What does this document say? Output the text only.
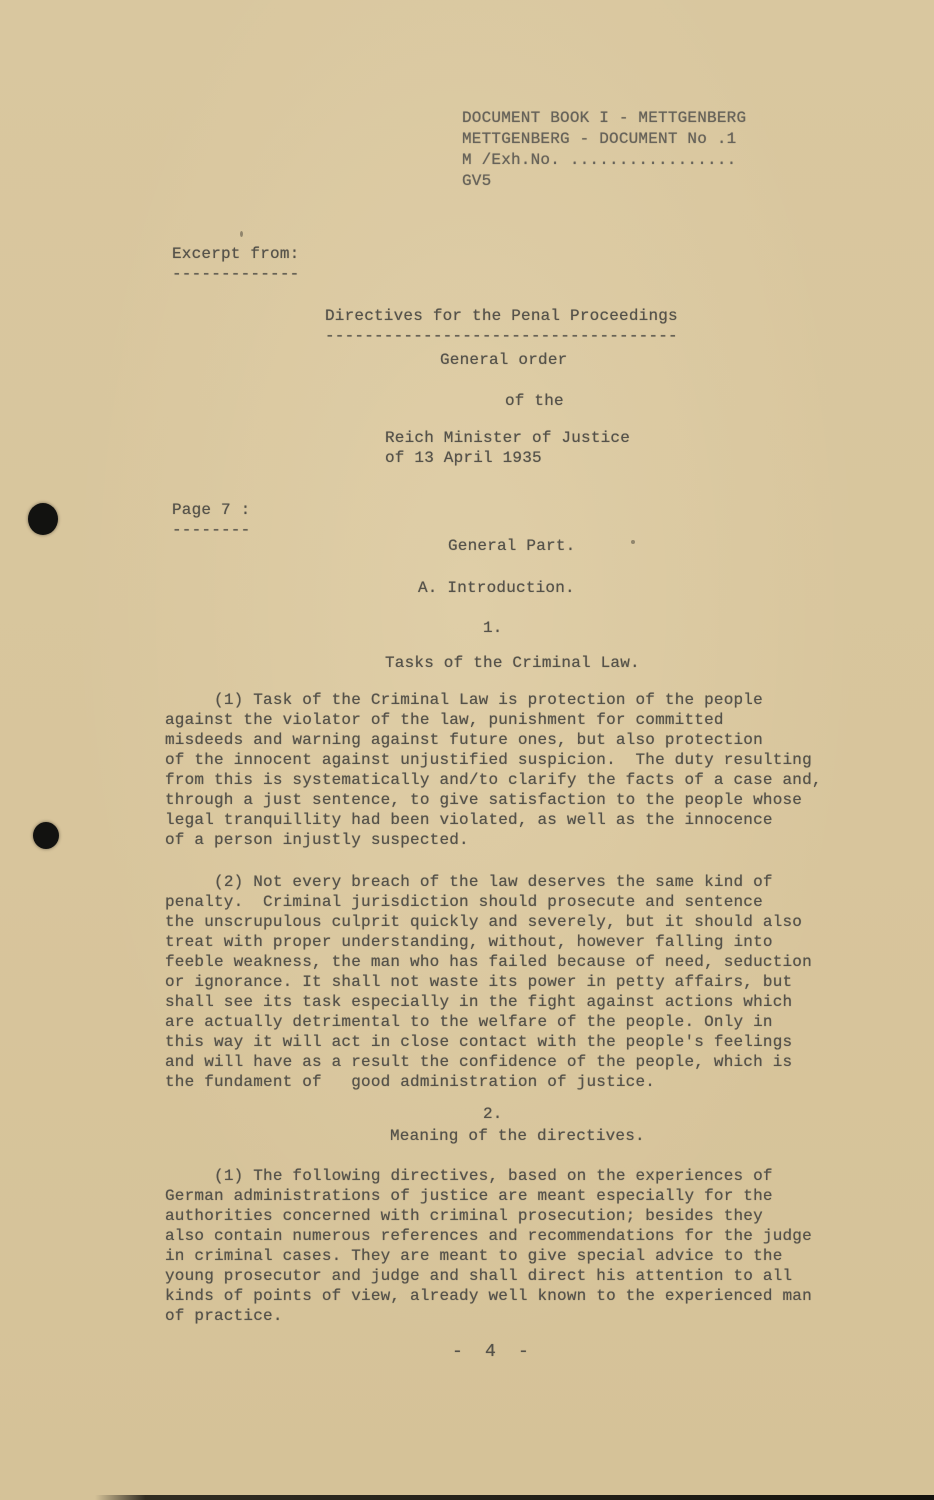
DOCUMENT BOOK I - METTGENBERG
METTGENBERG - DOCUMENT No .1
M /Exh.No. .................
GV5
Excerpt from:
-------------
Directives for the Penal Proceedings
------------------------------------
General order
of the
Reich Minister of Justice
of 13 April 1935
Page 7 :
--------
General Part.
A. Introduction.
1.
Tasks of the Criminal Law.
(1) Task of the Criminal Law is protection of the people
against the violator of the law, punishment for committed
misdeeds and warning against future ones, but also protection
of the innocent against unjustified suspicion.  The duty resulting
from this is systematically and/to clarify the facts of a case and,
through a just sentence, to give satisfaction to the people whose
legal tranquillity had been violated, as well as the innocence
of a person injustly suspected.
(2) Not every breach of the law deserves the same kind of
penalty.  Criminal jurisdiction should prosecute and sentence
the unscrupulous culprit quickly and severely, but it should also
treat with proper understanding, without, however falling into
feeble weakness, the man who has failed because of need, seduction
or ignorance. It shall not waste its power in petty affairs, but
shall see its task especially in the fight against actions which
are actually detrimental to the welfare of the people. Only in
this way it will act in close contact with the people's feelings
and will have as a result the confidence of the people, which is
the fundament of   good administration of justice.
2.
Meaning of the directives.
(1) The following directives, based on the experiences of
German administrations of justice are meant especially for the
authorities concerned with criminal prosecution; besides they
also contain numerous references and recommendations for the judge
in criminal cases. They are meant to give special advice to the
young prosecutor and judge and shall direct his attention to all
kinds of points of view, already well known to the experienced man
of practice.
-  4  -
